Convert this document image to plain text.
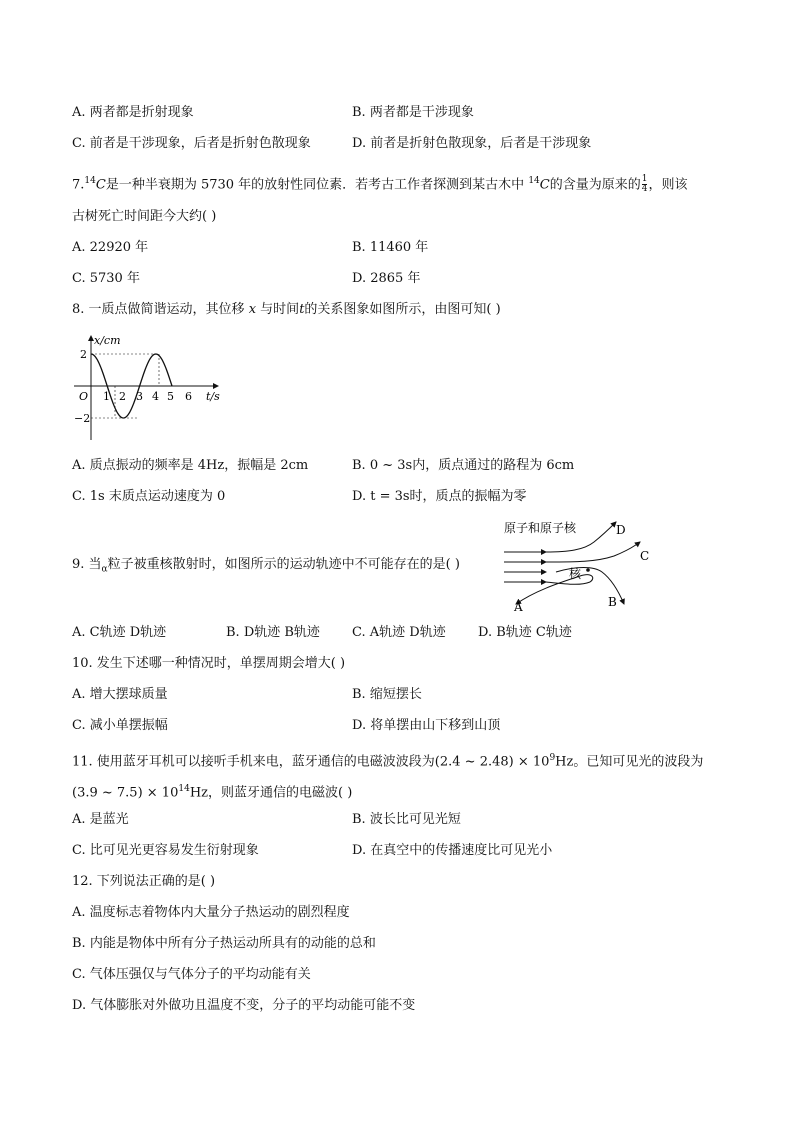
A. 两者都是折射现象	B. 两者都是干涉现象
C. 前者是干涉现象，后者是折射色散现象	D. 前者是折射色散现象，后者是干涉现象
7.14C是一种半衰期为 5730 年的放射性同位素．若考古工作者探测到某古木中 $^{14}$C的含量为原来的 $\frac{1}{4}$ ，则该
古树死亡时间距今大约( )
A. 22920 年	B. 11460 年
C. 5730 年	D. 2865 年
8. 一质点做简谐运动，其位移 x 与时间t的关系图象如图所示，由图可知( )
x/cm
t/s
O
2
−2
1 2 3 4 5 6
A. 质点振动的频率是 4Hz，振幅是 2cm	B. 0 ~ 3s内，质点通过的路程为 6cm
C. 1s 末质点运动速度为 0	D. t = 3s时，质点的振幅为零
9. 当$_\alpha$粒子被重核散射时，如图所示的运动轨迹中不可能存在的是( )
原子和原子核
核
D
C
B
A
A. C轨迹 D轨迹	B. D轨迹 B轨迹 C. A轨迹 D轨迹 D. B轨迹 C轨迹
10. 发生下述哪一种情况时，单摆周期会增大( )
A. 增大摆球质量	B. 缩短摆长
C. 减小单摆振幅	D. 将单摆由山下移到山顶
11. 使用蓝牙耳机可以接听手机来电，蓝牙通信的电磁波波段为(2.4 ~ $2.48) \times 10^9Hz$。已知可见光的波段为
(3.9 ~ $7.5) \times 10^{14}Hz$，则蓝牙通信的电磁波( )
A. 是蓝光	B. 波长比可见光短
C. 比可见光更容易发生衍射现象	D. 在真空中的传播速度比可见光小
12. 下列说法正确的是( )
A. 温度标志着物体内大量分子热运动的剧烈程度
B. 内能是物体中所有分子热运动所具有的动能的总和
C. 气体压强仅与气体分子的平均动能有关
D. 气体膨胀对外做功且温度不变，分子的平均动能可能不变
